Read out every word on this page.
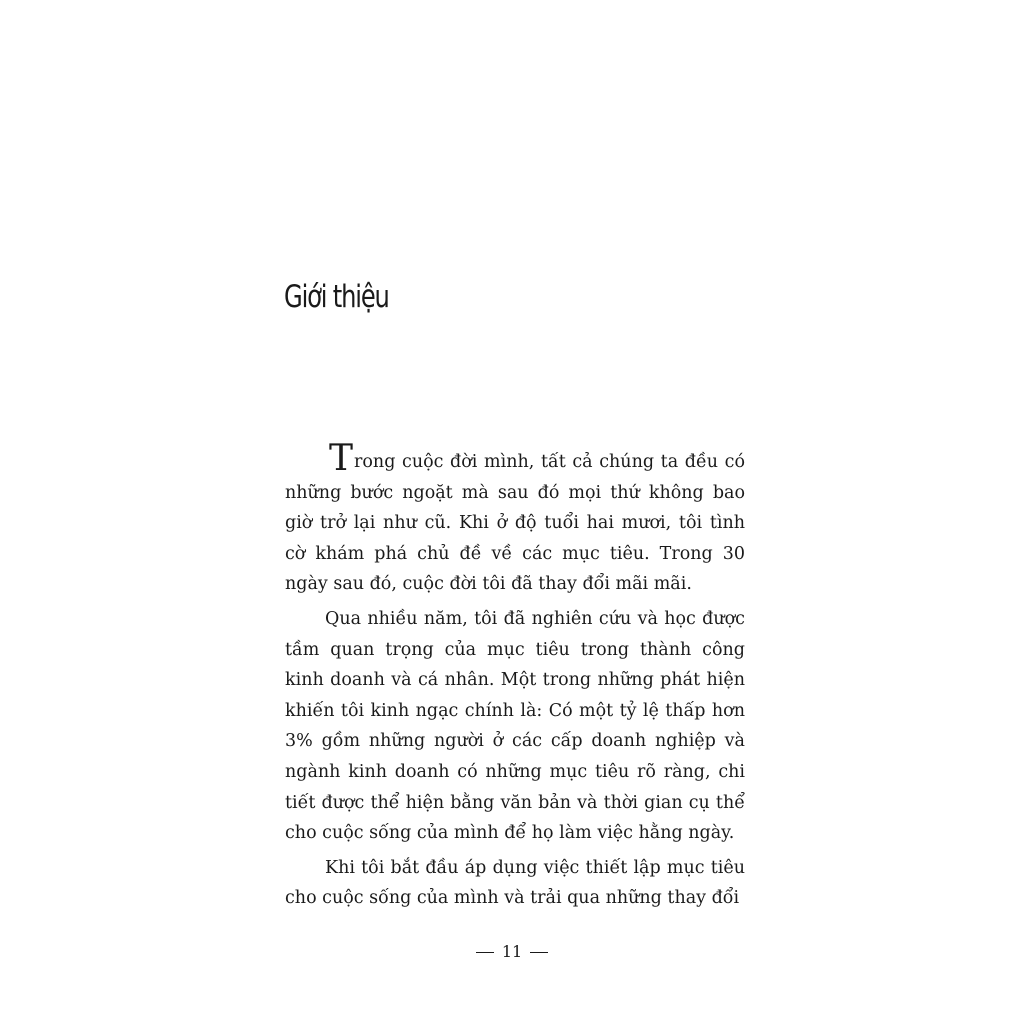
Giới thiệu

Trong cuộc đời mình, tất cả chúng ta đều có những bước ngoặt mà sau đó mọi thứ không bao giờ trở lại như cũ. Khi ở độ tuổi hai mươi, tôi tình cờ khám phá chủ đề về các mục tiêu. Trong 30 ngày sau đó, cuộc đời tôi đã thay đổi mãi mãi.

Qua nhiều năm, tôi đã nghiên cứu và học được tầm quan trọng của mục tiêu trong thành công kinh doanh và cá nhân. Một trong những phát hiện khiến tôi kinh ngạc chính là: Có một tỷ lệ thấp hơn 3% gồm những người ở các cấp doanh nghiệp và ngành kinh doanh có những mục tiêu rõ ràng, chi tiết được thể hiện bằng văn bản và thời gian cụ thể cho cuộc sống của mình để họ làm việc hằng ngày.

Khi tôi bắt đầu áp dụng việc thiết lập mục tiêu cho cuộc sống của mình và trải qua những thay đổi

11
